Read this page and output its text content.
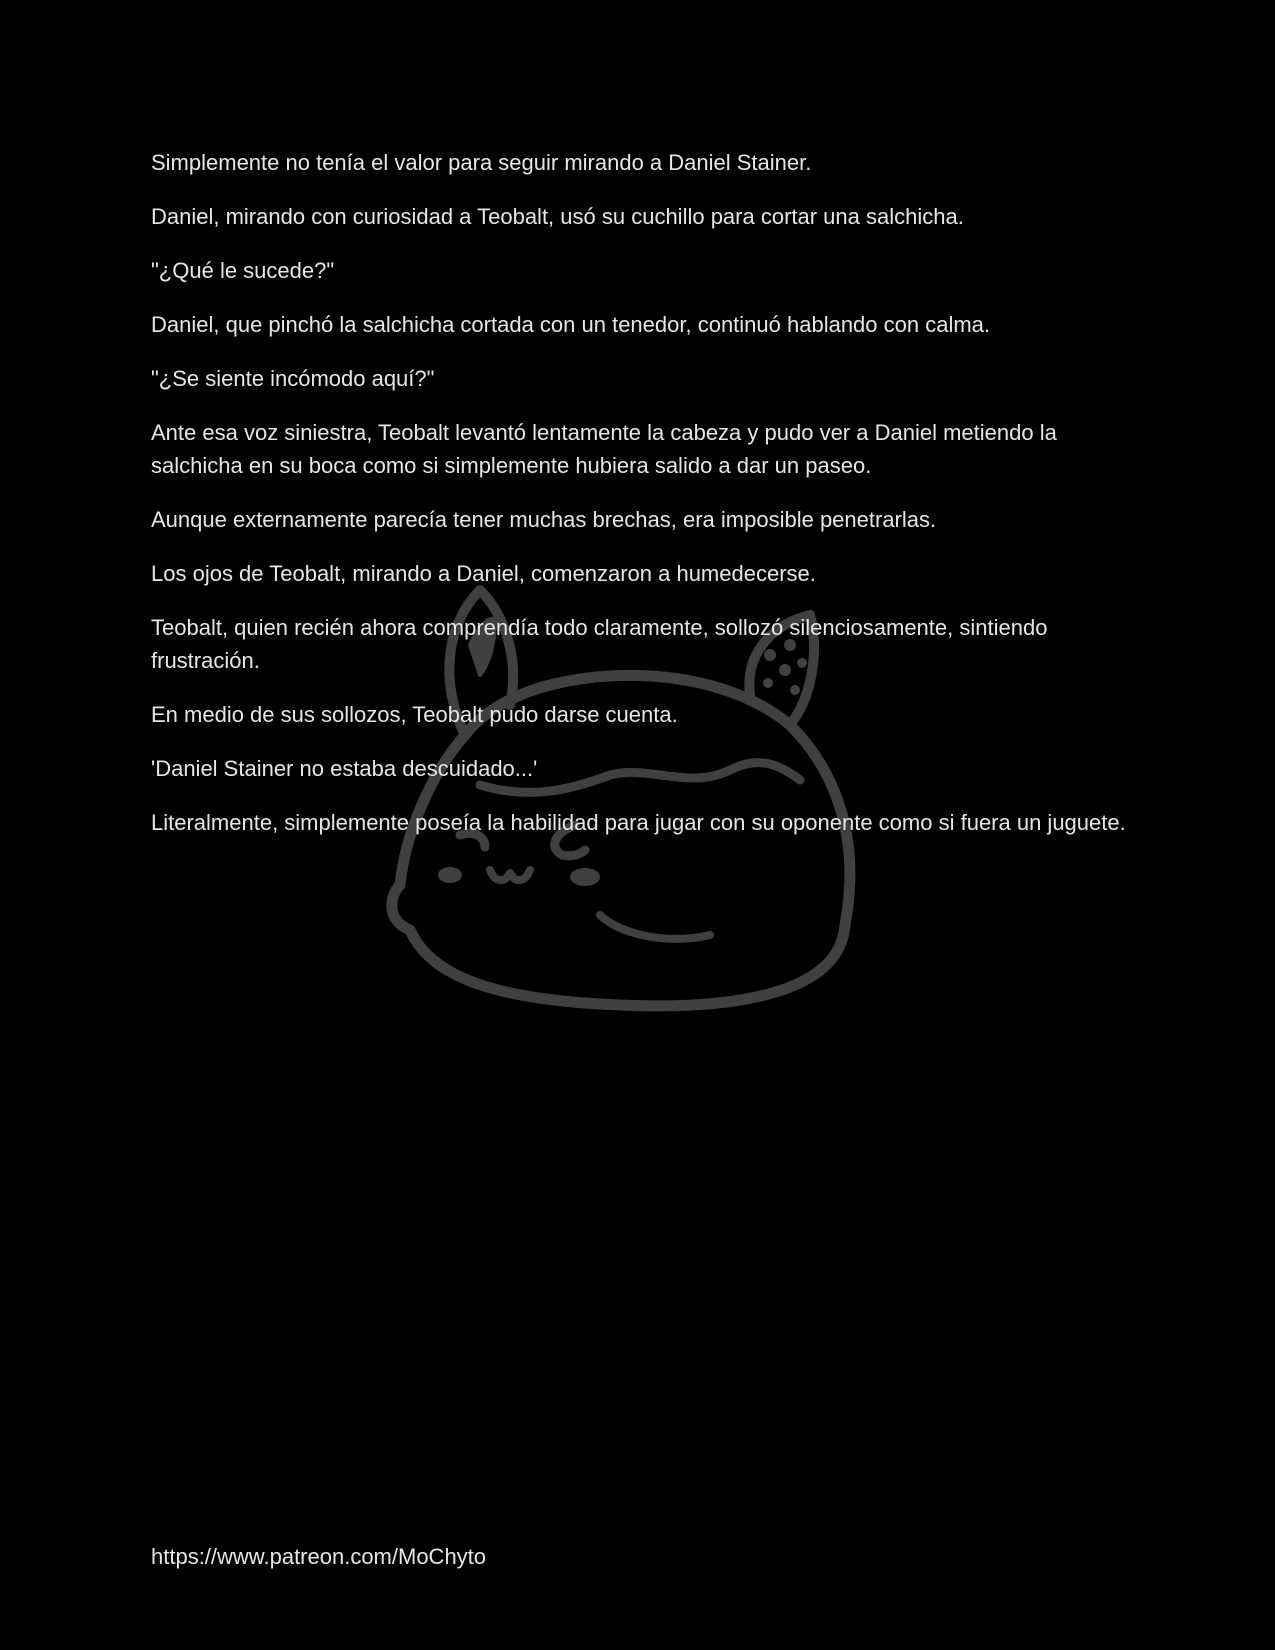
Simplemente no tenía el valor para seguir mirando a Daniel Stainer.

Daniel, mirando con curiosidad a Teobalt, usó su cuchillo para cortar una salchicha.

"¿Qué le sucede?"

Daniel, que pinchó la salchicha cortada con un tenedor, continuó hablando con calma.

"¿Se siente incómodo aquí?"

Ante esa voz siniestra, Teobalt levantó lentamente la cabeza y pudo ver a Daniel metiendo la salchicha en su boca como si simplemente hubiera salido a dar un paseo.

Aunque externamente parecía tener muchas brechas, era imposible penetrarlas.

Los ojos de Teobalt, mirando a Daniel, comenzaron a humedecerse.

Teobalt, quien recién ahora comprendía todo claramente, sollozó silenciosamente, sintiendo frustración.

En medio de sus sollozos, Teobalt pudo darse cuenta.

'Daniel Stainer no estaba descuidado...'

Literalmente, simplemente poseía la habilidad para jugar con su oponente como si fuera un juguete.

https://www.patreon.com/MoChyto
